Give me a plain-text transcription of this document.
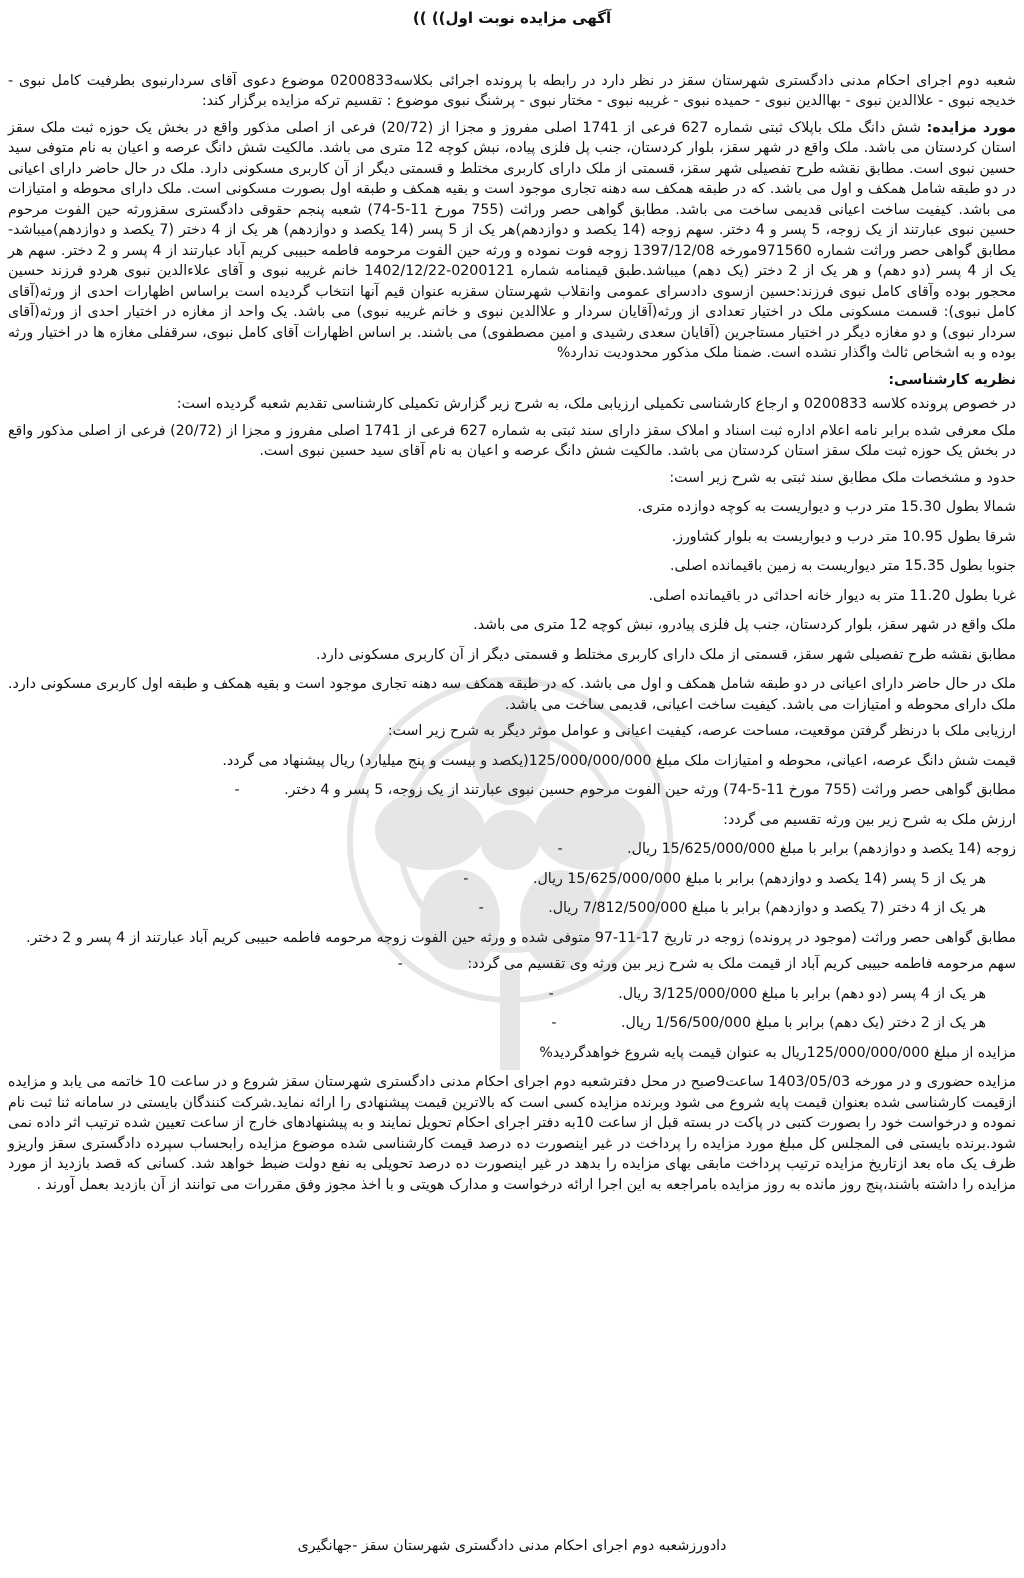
آگهی مزایده نوبت اول)) ))

شعبه دوم اجرای احکام مدنی دادگستری شهرستان سقز در نظر دارد در رابطه با پرونده اجرائی بکلاسه0200833 موضوع دعوی آقای سردارنبوی بطرفیت کامل نبوی - خدیجه نبوی - علاالدین نبوی - بهاالدین نبوی - حمیده نبوی - غریبه نبوی - مختار نبوی - پرشنگ نبوی موضوع : تقسیم ترکه مزایده برگزار کند:

مورد مزایده: شش دانگ ملک باپلاک ثبتی شماره 627 فرعی از 1741 اصلی مفروز و مجزا از (20/72) فرعی از اصلی مذکور واقع در بخش یک حوزه ثبت ملک سقز استان کردستان می باشد. ملک واقع در شهر سقز، بلوار کردستان، جنب پل فلزی پیاده، نبش کوچه 12 متری می باشد. مالکیت شش دانگ عرصه و اعیان به نام متوفی سید حسین نبوی است. مطابق نقشه طرح تفصیلی شهر سقز، قسمتی از ملک دارای کاربری مختلط و قسمتی دیگر از آن کاربری مسکونی دارد. ملک در حال حاضر دارای اعیانی در دو طبقه شامل همکف و اول می باشد. که در طبقه همکف سه دهنه تجاری موجود است و بقیه همکف و طبقه اول بصورت مسکونی است. ملک دارای محوطه و امتیازات می باشد. کیفیت ساخت اعیانی قدیمی ساخت می باشد. مطابق گواهی حصر وراثت (755 مورخ 11-5-74) شعبه پنجم حقوقی دادگستری سقزورثه حین الفوت مرحوم حسین نبوی عبارتند از یک زوجه، 5 پسر و 4 دختر. سهم زوجه (14 یکصد و دوازدهم)هر یک از 5 پسر (14 یکصد و دوازدهم) هر یک از 4 دختر (7 یکصد و دوازدهم)میباشد-مطابق گواهی حصر وراثت شماره 971560مورخه 1397/12/08 زوجه فوت نموده و ورثه حین الفوت مرحومه فاطمه حبیبی کریم آباد عبارتند از 4 پسر و 2 دختر. سهم هر یک از 4 پسر (دو دهم) و هر یک از 2 دختر (یک دهم) میباشد.طبق قیمنامه شماره 0200121-1402/12/22 خانم غریبه نبوی و آقای علاءالدین نبوی هردو فرزند حسین محجور بوده وآقای کامل نبوی فرزند:حسین ازسوی دادسرای عمومی وانقلاب شهرستان سقزبه عنوان قیم آنها انتخاب گردیده است براساس اظهارات احدی از ورثه(آقای کامل نبوی): قسمت مسکونی ملک در اختیار تعدادی از ورثه(آقایان سردار و علاالدین نبوی و خانم غریبه نبوی) می باشد. یک واحد از مغازه در اختیار احدی از ورثه(آقای سردار نبوی) و دو مغازه دیگر در اختیار مستاجرین (آقایان سعدی رشیدی و امین مصطفوی) می باشند. بر اساس اظهارات آقای کامل نبوی، سرقفلی مغازه ها در اختیار ورثه بوده و به اشخاص ثالث واگذار نشده است. ضمنا ملک مذکور محدودیت ندارد%

نظریه کارشناسی:

در خصوص پرونده کلاسه 0200833 و ارجاع کارشناسی تکمیلی ارزیابی ملک، به شرح زیر گزارش تکمیلی کارشناسی تقدیم شعبه گردیده است:

ملک معرفی شده برابر نامه اعلام اداره ثبت اسناد و املاک سقز دارای سند ثبتی به شماره 627 فرعی از 1741 اصلی مفروز و مجزا از (20/72) فرعی از اصلی مذکور واقع در بخش یک حوزه ثبت ملک سقز استان کردستان می باشد. مالکیت شش دانگ عرصه و اعیان به نام آقای سید حسین نبوی است.

حدود و مشخصات ملک مطابق سند ثبتی به شرح زیر است:
شمالا بطول 15.30 متر درب و دیواریست به کوچه دوازده متری.
شرقا بطول 10.95 متر درب و دیواریست به بلوار کشاورز.
جنوبا بطول 15.35 متر دیواریست به زمین باقیمانده اصلی.
غربا بطول 11.20 متر به دیوار خانه احداثی در باقیمانده اصلی.
ملک واقع در شهر سقز، بلوار کردستان، جنب پل فلزی پیادرو، نبش کوچه 12 متری می باشد.
مطابق نقشه طرح تفصیلی شهر سقز، قسمتی از ملک دارای کاربری مختلط و قسمتی دیگر از آن کاربری مسکونی دارد.

ملک در حال حاضر دارای اعیانی در دو طبقه شامل همکف و اول می باشد. که در طبقه همکف سه دهنه تجاری موجود است و بقیه همکف و طبقه اول کاربری مسکونی دارد. ملک دارای محوطه و امتیازات می باشد. کیفیت ساخت اعیانی، قدیمی ساخت می باشد.

ارزیابی ملک با درنظر گرفتن موقعیت، مساحت عرصه، کیفیت اعیانی و عوامل موثر دیگر به شرح زیر است:
قیمت شش دانگ عرصه، اعیانی، محوطه و امتیازات ملک مبلغ 125/000/000/000(یکصد و بیست و پنج میلیارد) ریال پیشنهاد می گردد.
مطابق گواهی حصر وراثت (755 مورخ 11-5-74) ورثه حین الفوت مرحوم حسین نبوی عبارتند از یک زوجه، 5 پسر و 4 دختر. -
ارزش ملک به شرح زیر بین ورثه تقسیم می گردد:
زوجه (14 یکصد و دوازدهم) برابر با مبلغ 15/625/000/000 ریال. -
هر یک از 5 پسر (14 یکصد و دوازدهم) برابر با مبلغ 15/625/000/000 ریال. -
هر یک از 4 دختر (7 یکصد و دوازدهم) برابر با مبلغ 7/812/500/000 ریال. -

مطابق گواهی حصر وراثت (موجود در پرونده) زوجه در تاریخ 17-11-97 متوفی شده و ورثه حین الفوت زوجه مرحومه فاطمه حبیبی کریم آباد عبارتند از 4 پسر و 2 دختر.

سهم مرحومه فاطمه حبیبی کریم آباد از قیمت ملک به شرح زیر بین ورثه وی تقسیم می گردد: -
هر یک از 4 پسر (دو دهم) برابر با مبلغ 3/125/000/000 ریال. -
هر یک از 2 دختر (یک دهم) برابر با مبلغ 1/56/500/000 ریال. -
مزایده از مبلغ 125/000/000/000ریال به عنوان قیمت پایه شروع خواهدگردید%

مزایده حضوری و در مورخه 1403/05/03 ساعت9صبح در محل دفترشعبه دوم اجرای احکام مدنی دادگستری شهرستان سقز شروع و در ساعت 10 خاتمه می یابد و مزایده ازقیمت کارشناسی شده بعنوان قیمت پایه شروع می شود وبرنده مزایده کسی است که بالاترین قیمت پیشنهادی را ارائه نماید.شرکت کنندگان بایستی در سامانه ثنا ثبت نام نموده و درخواست خود را بصورت کتبی در پاکت در بسته قبل از ساعت 10به دفتر اجرای احکام تحویل نمایند و به پیشنهادهای خارج از ساعت تعیین شده ترتیب اثر داده نمی شود.برنده بایستی فی المجلس کل مبلغ مورد مزایده را پرداخت در غیر اینصورت ده درصد قیمت کارشناسی شده موضوع مزایده رابحساب سپرده دادگستری سقز واریزو ظرف یک ماه بعد ازتاریخ مزایده ترتیب پرداخت مابقی بهای مزایده را بدهد در غیر اینصورت ده درصد تحویلی به نفع دولت ضبط خواهد شد. کسانی که قصد بازدید از مورد مزایده را داشته باشند،پنج روز مانده به روز مزایده بامراجعه به این اجرا ارائه درخواست و مدارک هویتی و با اخذ مجوز وفق مقررات می توانند از آن بازدید بعمل آورند .

دادورزشعبه دوم اجرای احکام مدنی دادگستری شهرستان سقز -جهانگیری
